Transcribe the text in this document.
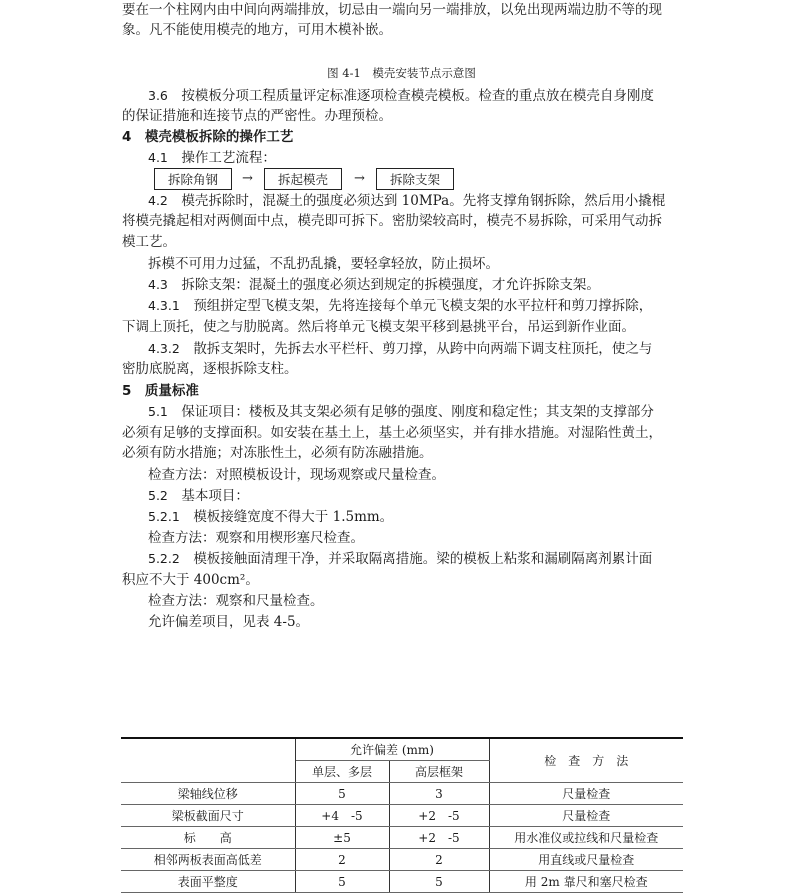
要在一个柱网内由中间向两端排放，切忌由一端向另一端排放，以免出现两端边肋不等的现
象。凡不能使用模壳的地方，可用木模补嵌。
图 4-1　模壳安装节点示意图
3.6　 按模板分项工程质量评定标准逐项检查模壳模板。检查的重点放在模壳自身刚度
的保证措施和连接节点的严密性。办理预检。
4　 模壳模板拆除的操作工艺
4.1　 操作工艺流程：
拆除角钢	→	拆起模壳	→	拆除支架
4.2　 模壳拆除时，混凝土的强度必须达到 10MPa。先将支撑角钢拆除，然后用小撬棍
将模壳撬起相对两侧面中点，模壳即可拆下。密肋梁较高时，模壳不易拆除，可采用气动拆
模工艺。
拆模不可用力过猛，不乱扔乱撬，要轻拿轻放，防止损坏。
4.3　 拆除支架：混凝土的强度必须达到规定的拆模强度，才允许拆除支架。
4.3.1　 预组拼定型飞模支架，先将连接每个单元飞模支架的水平拉杆和剪刀撑拆除，
下调上顶托，使之与肋脱离。然后将单元飞模支架平移到悬挑平台，吊运到新作业面。
4.3.2　 散拆支架时，先拆去水平栏杆、剪刀撑，从跨中向两端下调支柱顶托，使之与
密肋底脱离，逐根拆除支柱。
5　 质量标准
5.1　 保证项目：楼板及其支架必须有足够的强度、刚度和稳定性；其支架的支撑部分
必须有足够的支撑面积。如安装在基土上，基土必须坚实，并有排水措施。对湿陷性黄土，
必须有防水措施；对冻胀性土，必须有防冻融措施。
检查方法：对照模板设计，现场观察或尺量检查。
5.2　 基本项目：
5.2.1　 模板接缝宽度不得大于 1.5mm。
检查方法：观察和用楔形塞尺检查。
5.2.2　 模板接触面清理干净，并采取隔离措施。梁的模板上粘浆和漏刷隔离剂累计面
积应不大于 400cm²。
检查方法：观察和尺量检查。
允许偏差项目，见表 4-5。
	允许偏差 (mm)		检　查　方　法
	单层、多层	高层框架	
梁轴线位移	5	3	尺量检查
梁板截面尺寸	+4　-5	+2　-5	尺量检查
标　　高	±5	+2　-5	用水准仪或拉线和尺量检查
相邻两板表面高低差	2	2	用直线或尺量检查
表面平整度	5	5	用 2m 靠尺和塞尺检查
